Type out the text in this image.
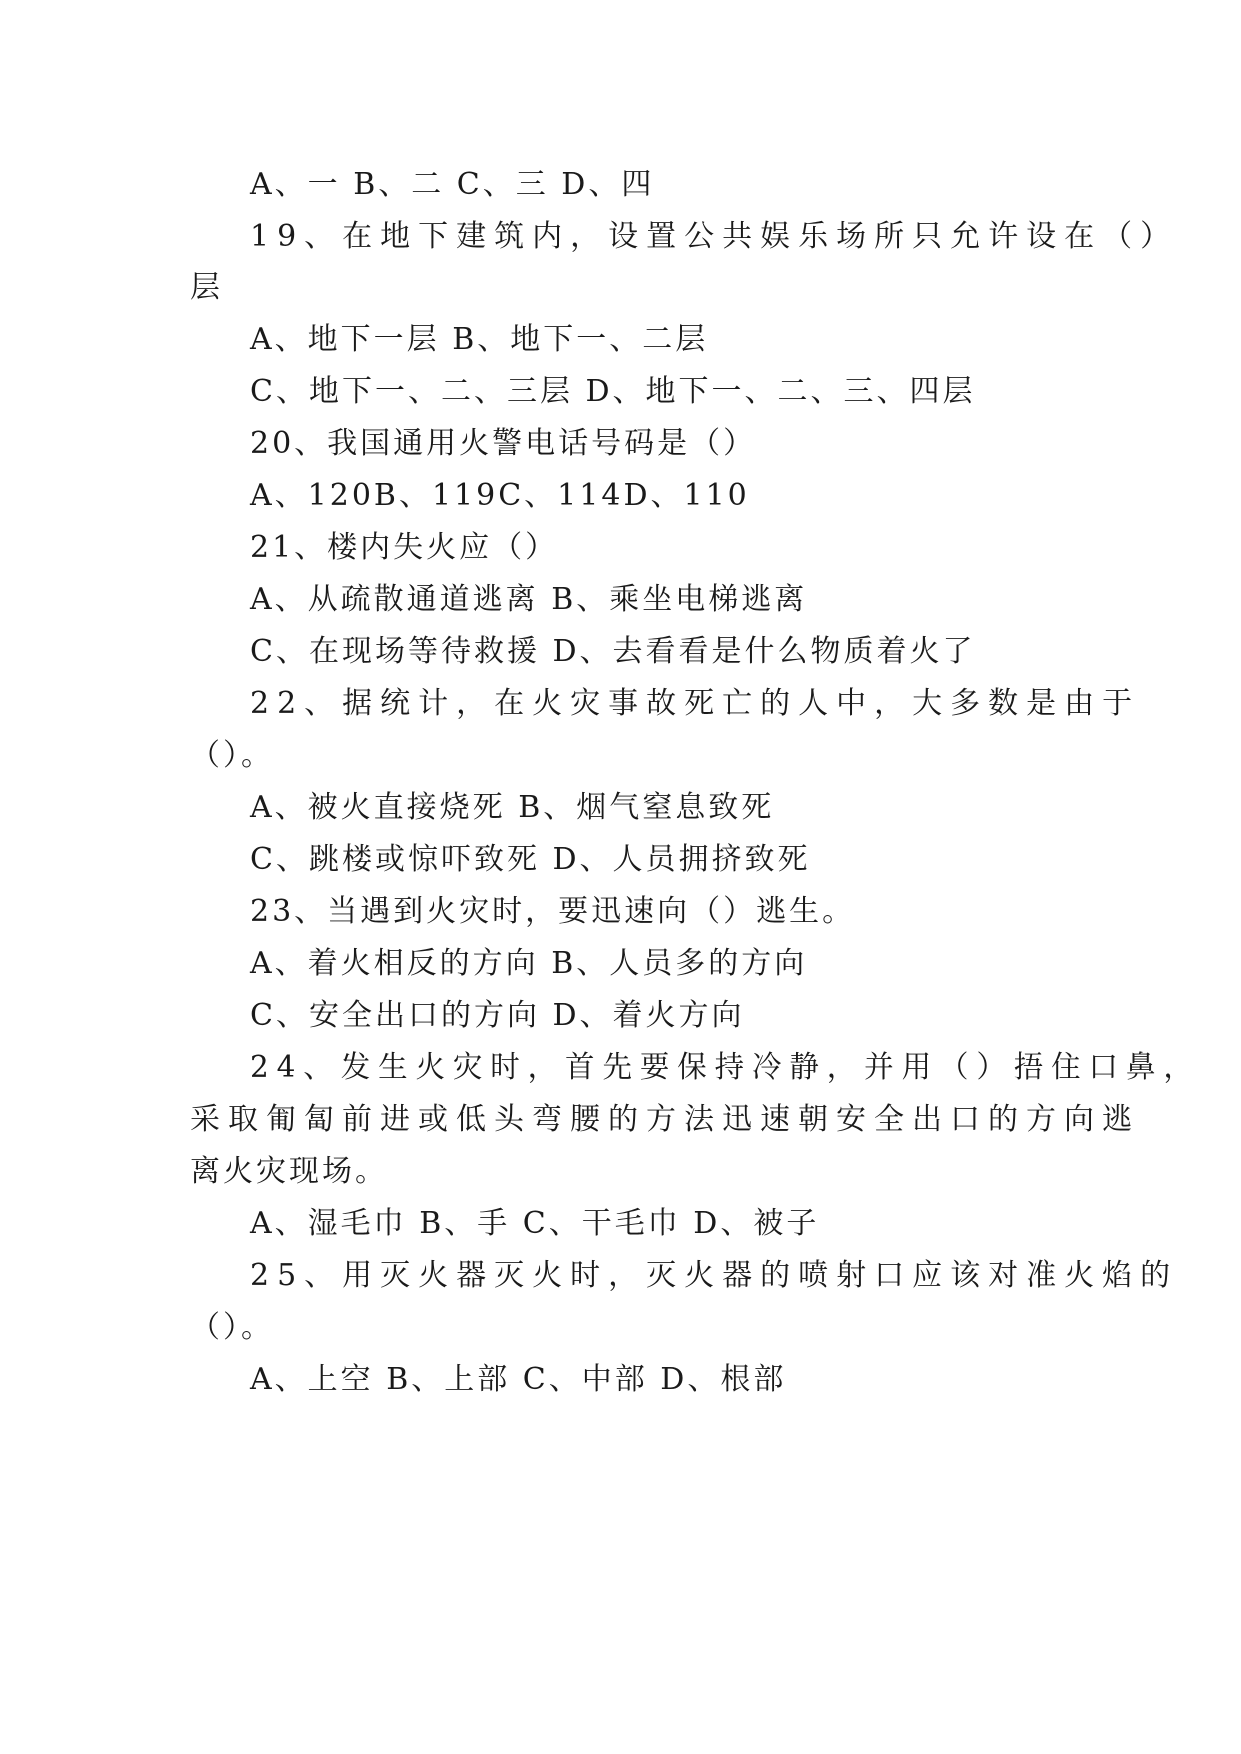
A、一 B、二 C、三 D、四
19、在地下建筑内，设置公共娱乐场所只允许设在（）
层
A、地下一层 B、地下一、二层
C、地下一、二、三层 D、地下一、二、三、四层
20、我国通用火警电话号码是（）
A、120B、119C、114D、110
21、楼内失火应（）
A、从疏散通道逃离 B、乘坐电梯逃离
C、在现场等待救援 D、去看看是什么物质着火了
22、据统计，在火灾事故死亡的人中，大多数是由于
（）。
A、被火直接烧死 B、烟气窒息致死
C、跳楼或惊吓致死 D、人员拥挤致死
23、当遇到火灾时，要迅速向（）逃生。
A、着火相反的方向 B、人员多的方向
C、安全出口的方向 D、着火方向
24、发生火灾时，首先要保持冷静，并用（）捂住口鼻，
采取匍匐前进或低头弯腰的方法迅速朝安全出口的方向逃
离火灾现场。
A、湿毛巾 B、手 C、干毛巾 D、被子
25、用灭火器灭火时，灭火器的喷射口应该对准火焰的
（）。
A、上空 B、上部 C、中部 D、根部
